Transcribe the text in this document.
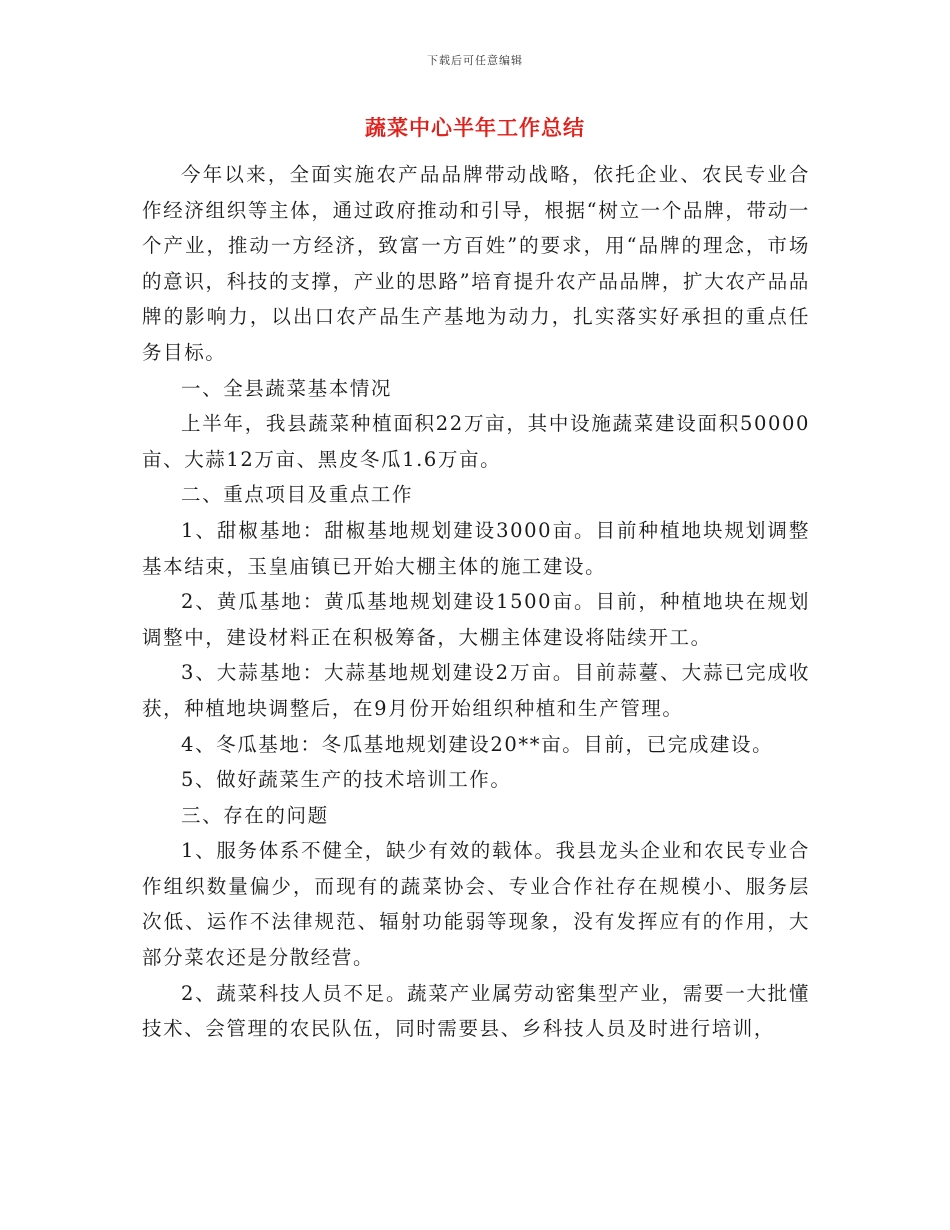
下载后可任意编辑
蔬菜中心半年工作总结

今年以来，全面实施农产品品牌带动战略，依托企业、农民专业合作经济组织等主体，通过政府推动和引导，根据“树立一个品牌，带动一个产业，推动一方经济，致富一方百姓”的要求，用“品牌的理念，市场的意识，科技的支撑，产业的思路”培育提升农产品品牌，扩大农产品品牌的影响力，以出口农产品生产基地为动力，扎实落实好承担的重点任务目标。

一、全县蔬菜基本情况

上半年，我县蔬菜种植面积22万亩，其中设施蔬菜建设面积50000亩、大蒜12万亩、黑皮冬瓜1.6万亩。

二、重点项目及重点工作

1、甜椒基地：甜椒基地规划建设3000亩。目前种植地块规划调整基本结束，玉皇庙镇已开始大棚主体的施工建设。

2、黄瓜基地：黄瓜基地规划建设1500亩。目前，种植地块在规划调整中，建设材料正在积极筹备，大棚主体建设将陆续开工。

3、大蒜基地：大蒜基地规划建设2万亩。目前蒜薹、大蒜已完成收获，种植地块调整后，在9月份开始组织种植和生产管理。

4、冬瓜基地：冬瓜基地规划建设20**亩。目前，已完成建设。

5、做好蔬菜生产的技术培训工作。

三、存在的问题

1、服务体系不健全，缺少有效的载体。我县龙头企业和农民专业合作组织数量偏少，而现有的蔬菜协会、专业合作社存在规模小、服务层次低、运作不法律规范、辐射功能弱等现象，没有发挥应有的作用，大部分菜农还是分散经营。

2、蔬菜科技人员不足。蔬菜产业属劳动密集型产业，需要一大批懂技术、会管理的农民队伍，同时需要县、乡科技人员及时进行培训，
